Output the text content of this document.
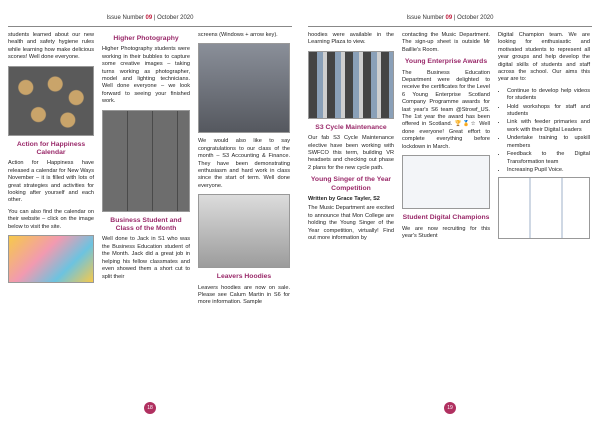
Issue Number 09 | October 2020

students learned about our new health and safety hygiene rules while learning how make delicious scones! Well done everyone.

Action for Happiness Calendar

Action for Happiness have released a calendar for New Ways November – it is filled with lots of great strategies and activities for looking after yourself and each other.

You can also find the calendar on their website – click on the image below to visit the site.

Higher Photography

Higher Photography students were working in their bubbles to capture some creative images – taking turns working as photographer, model and lighting technicians. Well done everyone – we look forward to seeing your finished work.

Business Student and Class of the Month

Well done to Jack in S1 who was the Business Education student of the Month. Jack did a great job in helping his fellow classmates and even showed them a short cut to split their

screens (Windows + arrow key).

We would also like to say congratulations to our class of the month – S3 Accounting & Finance. They have been demonstrating enthusiasm and hard work in class since the start of term. Well done everyone.

Leavers Hoodies

Leavers hoodies are now on sale. Please see Calum Martin in S6 for more information. Sample

18
Issue Number 09 | October 2020

hoodies were available in the Learning Plaza to view.

S3 Cycle Maintenance

Our fab S3 Cycle Maintenance elective have been working with SWFCO this term, building VR headsets and checking out phase 2 plans for the new cycle path.

Young Singer of the Year Competition
Written by Grace Tayler, S2

The Music Department are excited to announce that Mon College are holding the Young Singer of the Year competition, virtually! Find out more information by

contacting the Music Department. The sign-up sheet is outside Mr Baillie's Room.

Young Enterprise Awards

The Business Education Department were delighted to receive the certificates for the Level 6 Young Enterprise Scotland Company Programme awards for last year's S6 team @Strowf_US. The 1st year the award has been offered in Scotland. 🏆🏅☆ Well done everyone! Great effort to complete everything before lockdown in March.

Student Digital Champions

We are now recruiting for this year's Student

Digital Champion team. We are looking for enthusiastic and motivated students to represent all year groups and help develop the digital skills of students and staff across the school. Our aims this year are to:

• Continue to develop help videos for students
• Hold workshops for staff and students
• Link with feeder primaries and work with their Digital Leaders
• Undertake training to upskill members
• Feedback to the Digital Transformation team
• Increasing Pupil Voice.
19
